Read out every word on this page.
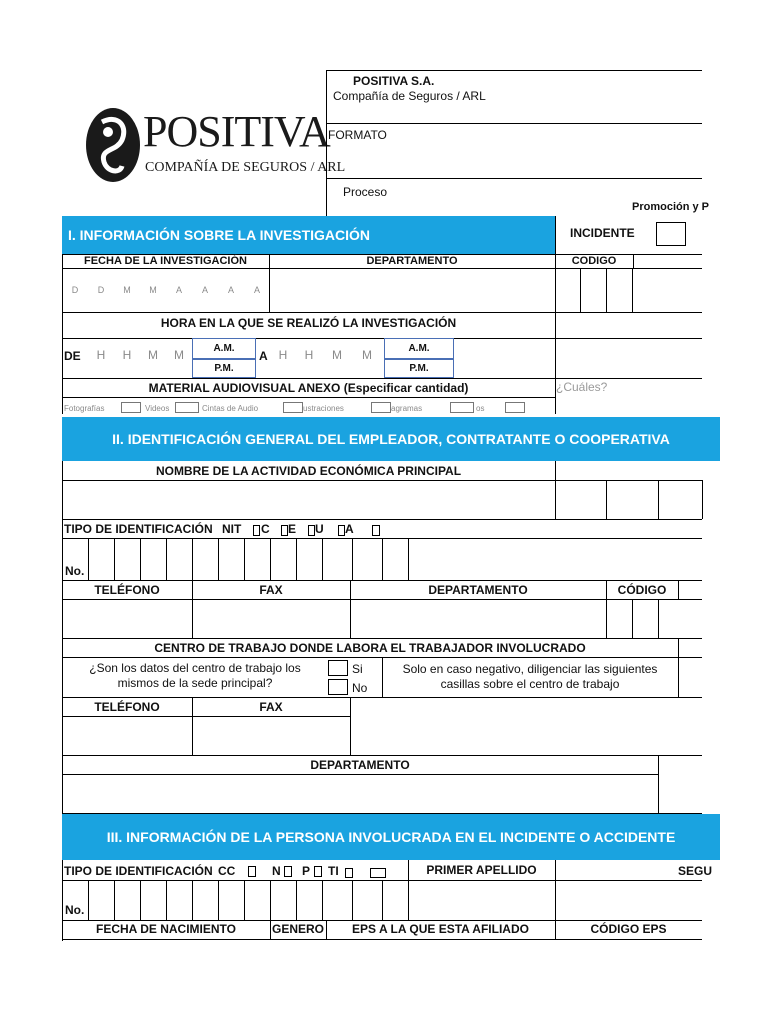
POSITIVA
COMPAÑÍA DE SEGUROS / ARL
POSITIVA S.A.
Compañía de Seguros / ARL
FORMATO
Proceso
Promoción y P
I. INFORMACIÓN SOBRE LA INVESTIGACIÓN	INCIDENTE
FECHA DE LA INVESTIGACIÓN	DEPARTAMENTO	CODIGO
D	D	M	M	A	A	A	A
HORA EN LA QUE SE REALIZÓ LA INVESTIGACIÓN
DE	H	H	M	M	A.M.
P.M.
A H	H	M	M	A.M.
P.M.
MATERIAL AUDIOVISUAL ANEXO (Especificar cantidad)	¿Cuáles?
Fotografías	Videos	Cintas de Audio	ustraciones	agramas	os
II. IDENTIFICACIÓN GENERAL DEL EMPLEADOR, CONTRATANTE O COOPERATIVA
NOMBRE DE LA ACTIVIDAD ECONÓMICA PRINCIPAL
TIPO DE IDENTIFICACIÓN NIT C E U A
No.
TELÉFONO	FAX	DEPARTAMENTO	CÓDIGO
CENTRO DE TRABAJO DONDE LABORA EL TRABAJADOR INVOLUCRADO
¿Son los datos del centro de trabajo los
mismos de la sede principal?
Si
No
Solo en caso negativo, diligenciar las siguientes
casillas sobre el centro de trabajo
TELÉFONO	FAX
DEPARTAMENTO
III. INFORMACIÓN DE LA PERSONA INVOLUCRADA EN EL INCIDENTE O ACCIDENTE
TIPO DE IDENTIFICACIÓN CC	N P TI	PRIMER APELLIDO	SEGU
No.
FECHA DE NACIMIENTO	GENERO	EPS A LA QUE ESTA AFILIADO	CÓDIGO EPS
